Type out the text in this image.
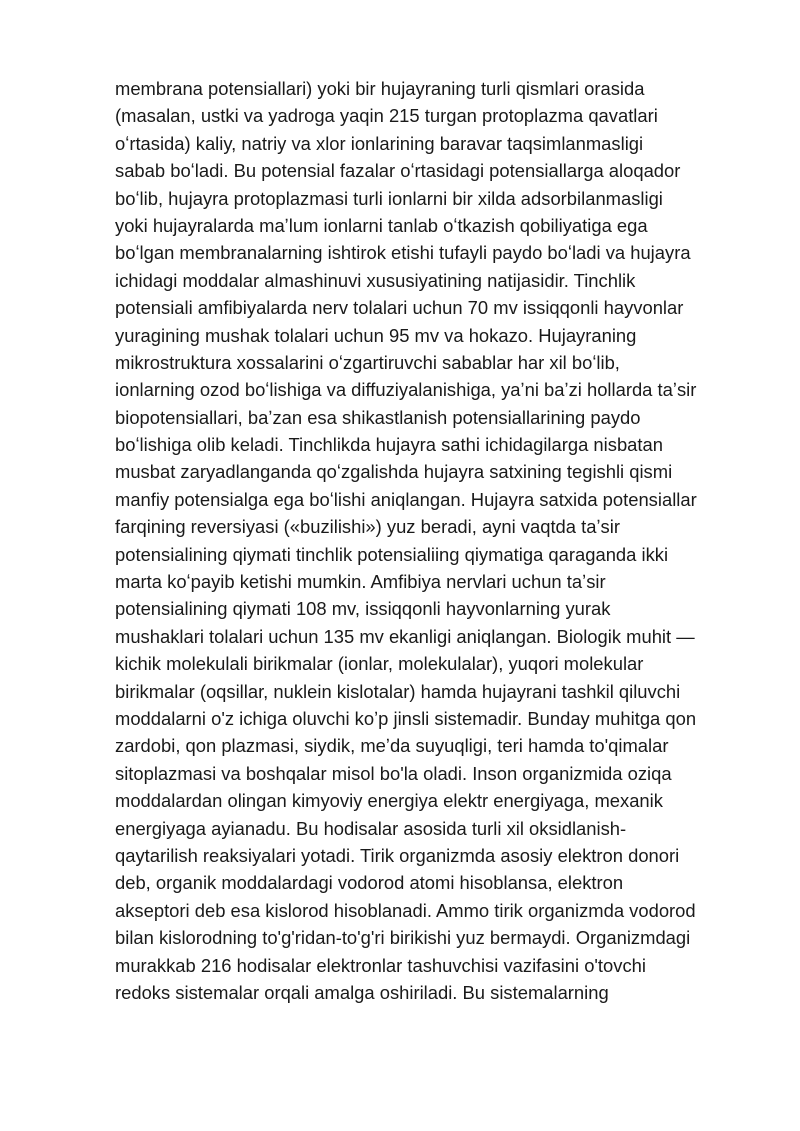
membrana potensiallari) yoki bir hujayraning turli qismlari orasida
(masalan, ustki va yadroga yaqin 215 turgan protoplazma qavatlari
oʻrtasida) kaliy, natriy va xlor ionlarining baravar taqsimlanmasligi
sabab boʻladi. Bu potensial fazalar oʻrtasidagi potensiallarga aloqador
boʻlib, hujayra protoplazmasi turli ionlarni bir xilda adsorbilanmasligi
yoki hujayralarda maʼlum ionlarni tanlab oʻtkazish qobiliyatiga ega
boʻlgan membranalarning ishtirok etishi tufayli paydo boʻladi va hujayra
ichidagi moddalar almashinuvi xususiyatining natijasidir. Tinchlik
potensiali amfibiyalarda nerv tolalari uchun 70 mv issiqqonli hayvonlar
yuragining mushak tolalari uchun 95 mv va hokazo. Hujayraning
mikrostruktura xossalarini oʻzgartiruvchi sabablar har xil boʻlib,
ionlarning ozod boʻlishiga va diffuziyalanishiga, yaʼni baʼzi hollarda taʼsir
biopotensiallari, baʼzan esa shikastlanish potensiallarining paydo
boʻlishiga olib keladi. Tinchlikda hujayra sathi ichidagilarga nisbatan
musbat zaryadlanganda qoʻzgalishda hujayra satxining tegishli qismi
manfiy potensialga ega boʻlishi aniqlangan. Hujayra satxida potensiallar
farqining reversiyasi («buzilishi») yuz beradi, ayni vaqtda taʼsir
potensialining qiymati tinchlik potensialiing qiymatiga qaraganda ikki
marta koʻpayib ketishi mumkin. Amfibiya nervlari uchun taʼsir
potensialining qiymati 108 mv, issiqqonli hayvonlarning yurak
mushaklari tolalari uchun 135 mv ekanligi aniqlangan. Biologik muhit —
kichik molekulali birikmalar (ionlar, molekulalar), yuqori molekular
birikmalar (oqsillar, nuklein kislotalar) hamda hujayrani tashkil qiluvchi
moddalarni o'z ichiga oluvchi koʼp jinsli sistemadir. Bunday muhitga qon
zardobi, qon plazmasi, siydik, meʼda suyuqligi, teri hamda to'qimalar
sitoplazmasi va boshqalar misol bo'la oladi. Inson organizmida oziqa
moddalardan olingan kimyoviy energiya elektr energiyaga, mexanik
energiyaga ayianadu. Bu hodisalar asosida turli xil oksidlanish-
qaytarilish reaksiyalari yotadi. Tirik organizmda asosiy elektron donori
deb, organik moddalardagi vodorod atomi hisoblansa, elektron
akseptori deb esa kislorod hisoblanadi. Ammo tirik organizmda vodorod
bilan kislorodning to'g'ridan-to'g'ri birikishi yuz bermaydi. Organizmdagi
murakkab 216 hodisalar elektronlar tashuvchisi vazifasini o'tovchi
redoks sistemalar orqali amalga oshiriladi. Bu sistemalarning
